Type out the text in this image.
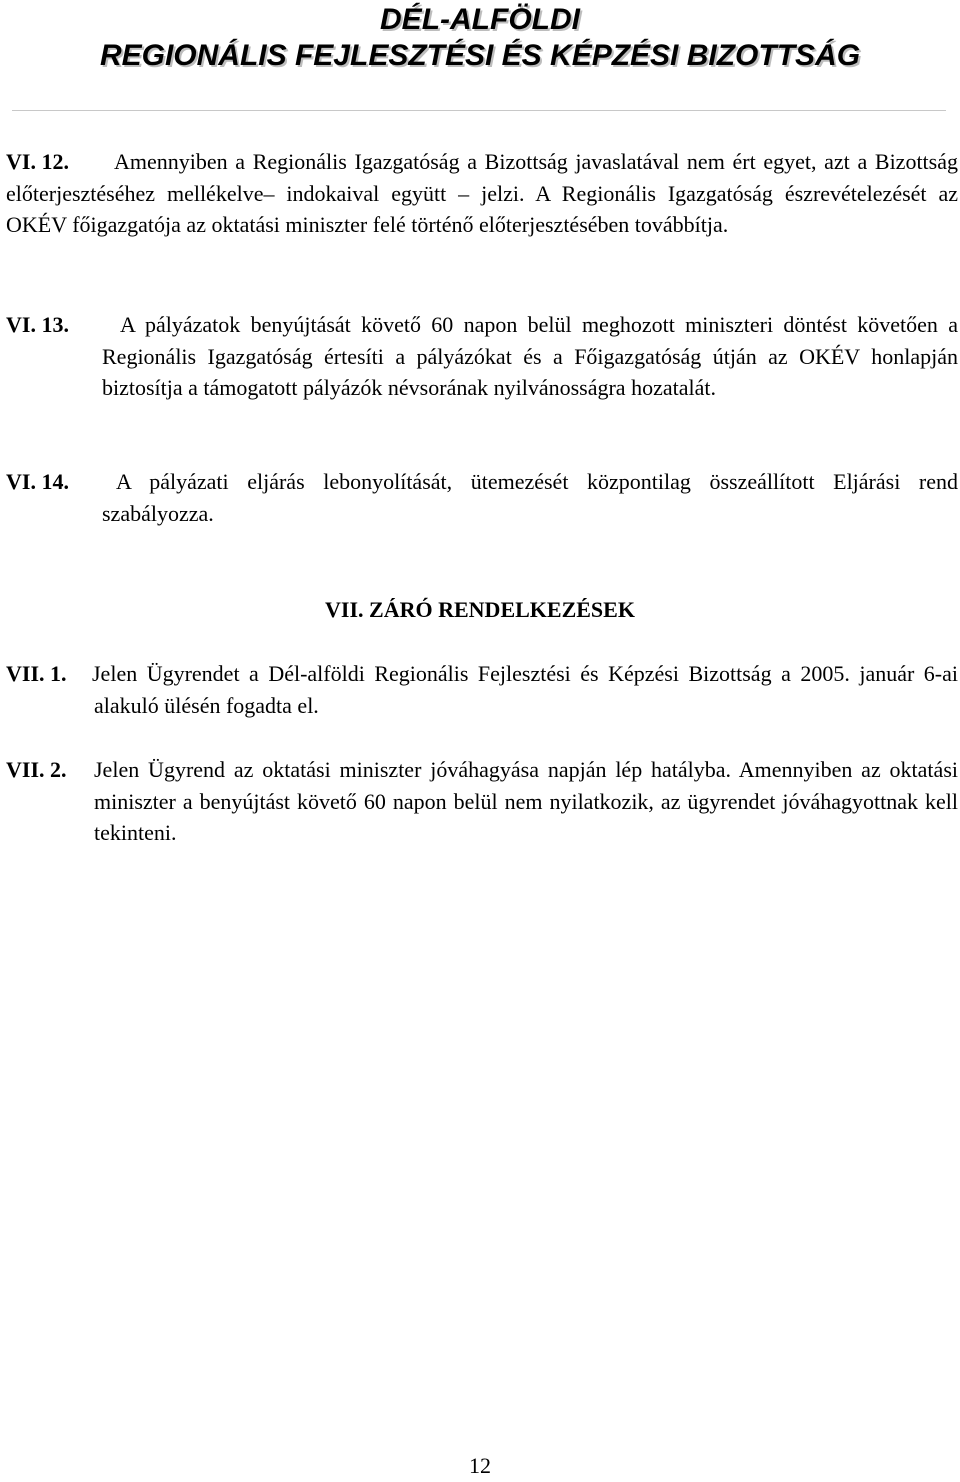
DÉL-ALFÖLDI
REGIONÁLIS FEJLESZTÉSI ÉS KÉPZÉSI BIZOTTSÁG
VI. 12.	Amennyiben a Regionális Igazgatóság a Bizottság javaslatával nem ért egyet, azt a Bizottság előterjesztéséhez mellékelve– indokaival együtt – jelzi. A Regionális Igazgatóság észrevételezését az OKÉV főigazgatója az oktatási miniszter felé történő előterjesztésében továbbítja.
VI. 13.	A pályázatok benyújtását követő 60 napon belül meghozott miniszteri döntést követően a Regionális Igazgatóság értesíti a pályázókat és a Főigazgatóság útján az OKÉV honlapján biztosítja a támogatott pályázók névsorának nyilvánosságra hozatalát.
VI. 14.	A pályázati eljárás lebonyolítását, ütemezését központilag összeállított Eljárási rend szabályozza.
VII. ZÁRÓ RENDELKEZÉSEK
VII. 1.	Jelen Ügyrendet a Dél-alföldi Regionális Fejlesztési és Képzési Bizottság a 2005. január 6-ai alakuló ülésén fogadta el.
VII. 2.	Jelen Ügyrend az oktatási miniszter jóváhagyása napján lép hatályba. Amennyiben az oktatási miniszter a benyújtást követő 60 napon belül nem nyilatkozik, az ügyrendet jóváhagyottnak kell tekinteni.
12
